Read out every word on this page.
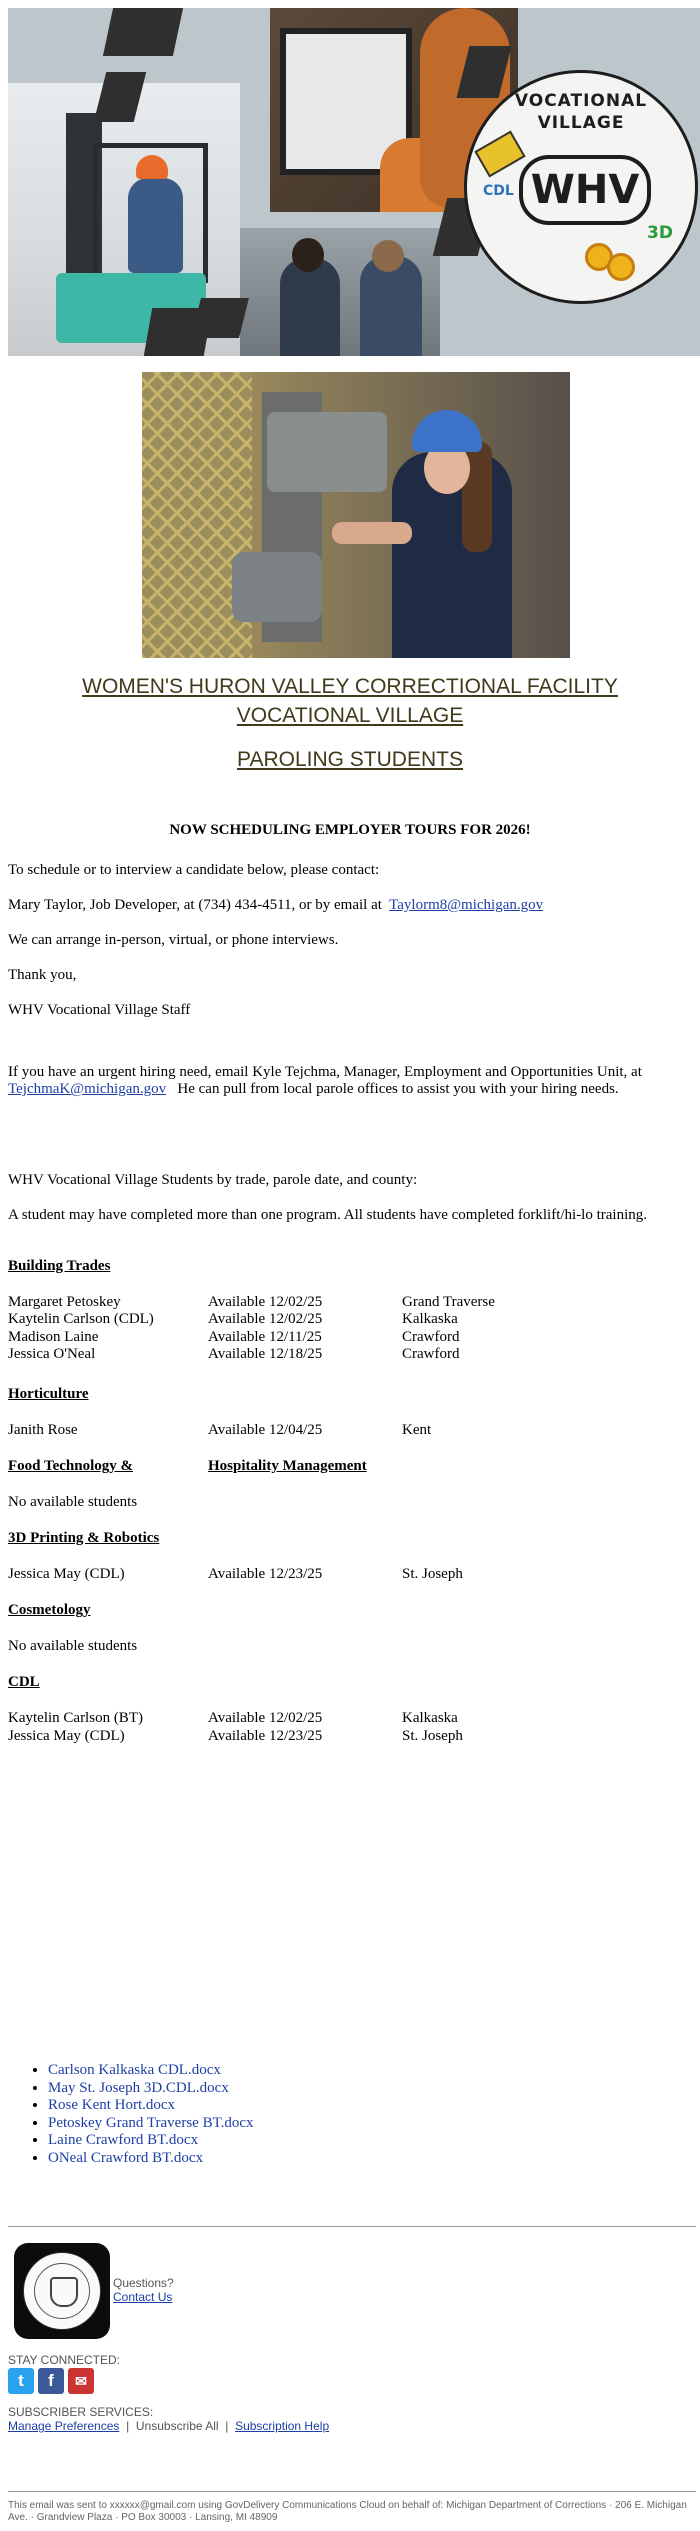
VOCATIONAL
VILLAGE
WHV
CDL
3D
WOMEN'S HURON VALLEY CORRECTIONAL FACILITY VOCATIONAL VILLAGE
PAROLING STUDENTS
NOW SCHEDULING EMPLOYER TOURS FOR 2026!
To schedule or to interview a candidate below, please contact:
Mary Taylor, Job Developer, at (734) 434-4511, or by email at Taylorm8@michigan.gov
We can arrange in-person, virtual, or phone interviews.
Thank you,
WHV Vocational Village Staff
If you have an urgent hiring need, email Kyle Tejchma, Manager, Employment and Opportunities Unit, at TejchmaK@michigan.gov He can pull from local parole offices to assist you with your hiring needs.
WHV Vocational Village Students by trade, parole date, and county:
A student may have completed more than one program. All students have completed forklift/hi-lo training.
Building Trades
Margaret Petoskey	Available 12/02/25	Grand Traverse
Kaytelin Carlson (CDL)	Available 12/02/25	Kalkaska
Madison Laine	Available 12/11/25	Crawford
Jessica O'Neal	Available 12/18/25	Crawford
Horticulture
Janith Rose	Available 12/04/25	Kent
Food Technology &	Hospitality Management
No available students
3D Printing & Robotics
Jessica May (CDL)	Available 12/23/25	St. Joseph
Cosmetology
No available students
CDL
Kaytelin Carlson (BT)	Available 12/02/25	Kalkaska
Jessica May (CDL)	Available 12/23/25	St. Joseph
• Carlson Kalkaska CDL.docx
• May St. Joseph 3D.CDL.docx
• Rose Kent Hort.docx
• Petoskey Grand Traverse BT.docx
• Laine Crawford BT.docx
• ONeal Crawford BT.docx
Questions?
Contact Us
STAY CONNECTED:
t	f	✉
SUBSCRIBER SERVICES:
Manage Preferences | Unsubscribe All | Subscription Help
This email was sent to xxxxxx@gmail.com using GovDelivery Communications Cloud on behalf of: Michigan Department of Corrections · 206 E. Michigan Ave. · Grandview Plaza · PO Box 30003 · Lansing, MI 48909
